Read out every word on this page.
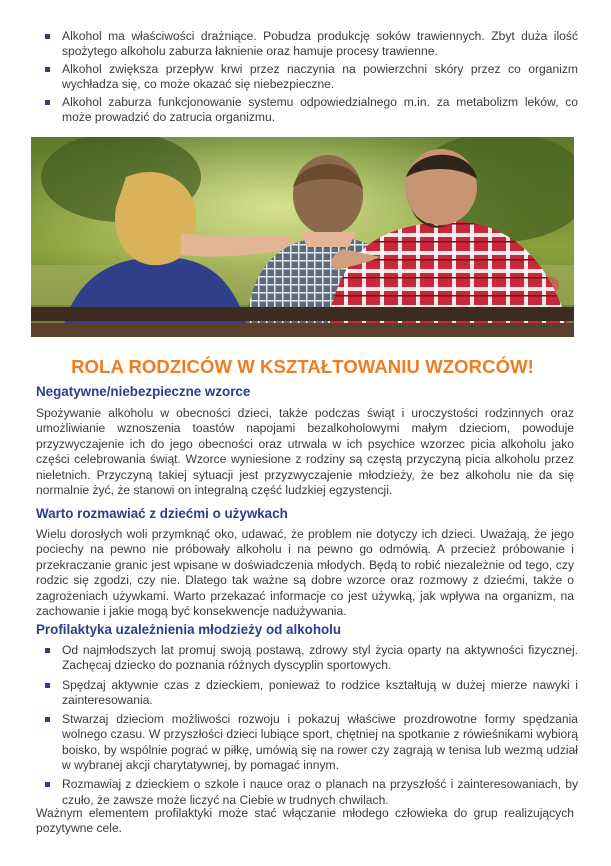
Alkohol ma właściwości drażniące. Pobudza produkcję soków trawiennych. Zbyt duża ilość spożytego alkoholu zaburza łaknienie oraz hamuje procesy trawienne.
Alkohol zwiększa przepływ krwi przez naczynia na powierzchni skóry przez co organizm wychładza się, co może okazać się niebezpieczne.
Alkohol zaburza funkcjonowanie systemu odpowiedzialnego m.in. za metabolizm leków, co może prowadzić do zatrucia organizmu.
ROLA RODZICÓW W KSZTAŁTOWANIU WZORCÓW!
Negatywne/niebezpieczne wzorce

Spożywanie alkoholu w obecności dzieci, także podczas świąt i uroczystości rodzinnych oraz umożliwianie wznoszenia toastów napojami bezalkoholowymi małym dzieciom, powoduje przyzwyczajenie ich do jego obecności oraz utrwala w ich psychice wzorzec picia alkoholu jako części celebrowania świąt. Wzorce wyniesione z rodziny są częstą przyczyną picia alkoholu przez nieletnich. Przyczyną takiej sytuacji jest przyzwyczajenie młodzieży, że bez alkoholu nie da się normalnie żyć, że stanowi on integralną część ludzkiej egzystencji.

Warto rozmawiać z dziećmi o używkach

Wielu dorosłych woli przymknąć oko, udawać, że problem nie dotyczy ich dzieci. Uważają, że jego pociechy na pewno nie próbowały alkoholu i na pewno go odmówią. A przecież próbowanie i przekraczanie granic jest wpisane w doświadczenia młodych. Będą to robić niezależnie od tego, czy rodzic się zgodzi, czy nie. Dlatego tak ważne są dobre wzorce oraz rozmowy z dziećmi, także o zagrożeniach używkami. Warto przekazać informacje co jest używką, jak wpływa na organizm, na zachowanie i jakie mogą być konsekwencje nadużywania.

Profilaktyka uzależnienia młodzieży od alkoholu
Od najmłodszych lat promuj swoją postawą, zdrowy styl życia oparty na aktywności fizycznej. Zachęcaj dziecko do poznania różnych dyscyplin sportowych.
Spędzaj aktywnie czas z dzieckiem, ponieważ to rodzice kształtują w dużej mierze nawyki i zainteresowania.
Stwarzaj dzieciom możliwości rozwoju i pokazuj właściwe prozdrowotne formy spędzania wolnego czasu. W przyszłości dzieci lubiące sport, chętniej na spotkanie z rówieśnikami wybiorą boisko, by wspólnie pograć w piłkę, umówią się na rower czy zagrają w tenisa lub wezmą udział w wybranej akcji charytatywnej, by pomagać innym.
Rozmawiaj z dzieckiem o szkole i nauce oraz o planach na przyszłość i zainteresowaniach, by czuło, że zawsze może liczyć na Ciebie w trudnych chwilach.

Ważnym elementem profilaktyki może stać włączanie młodego człowieka do grup realizujących pozytywne cele.
